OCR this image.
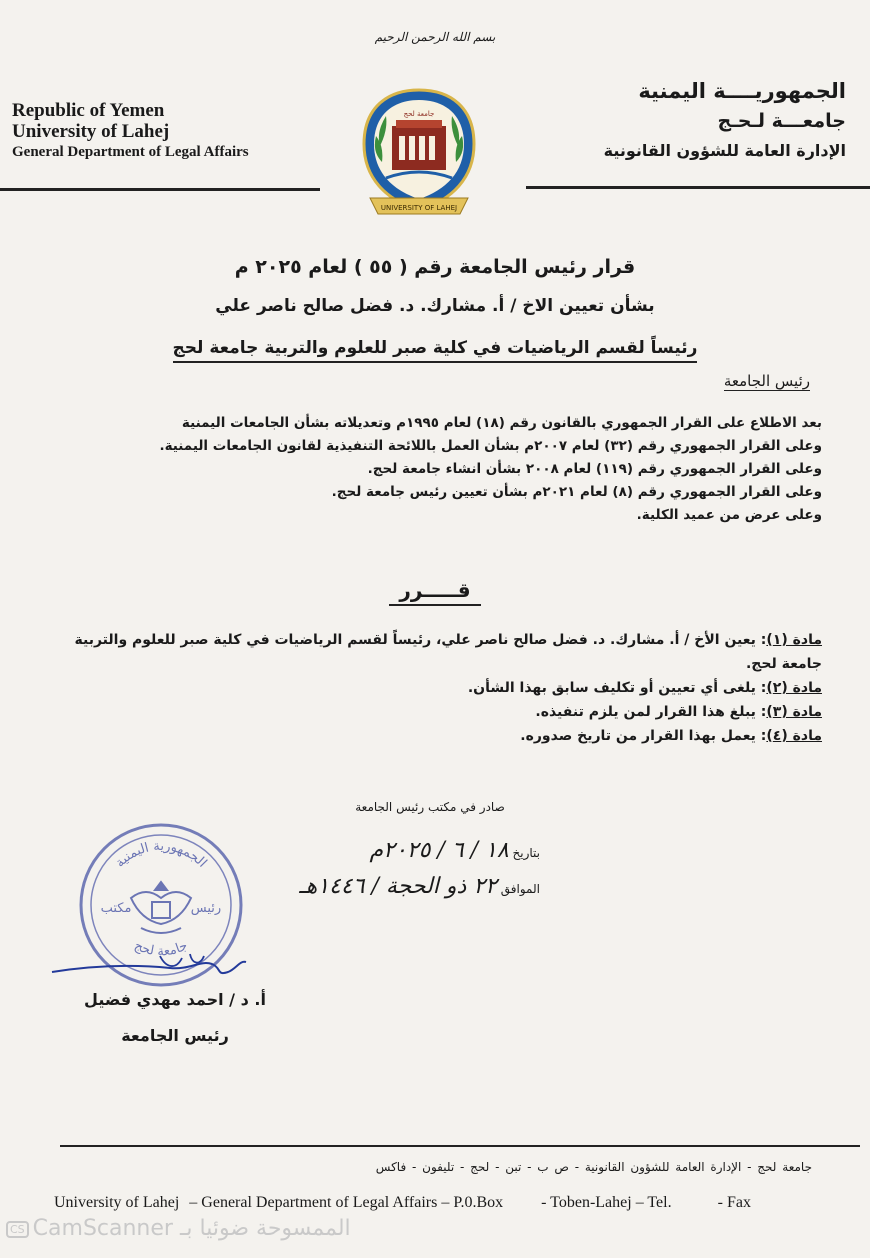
بسم الله الرحمن الرحيم
Republic of Yemen
University of Lahej
General Department of Legal Affairs
الجمهوريــــة اليمنية
جامعـــة لـحـج
الإدارة العامة للشؤون القانونية
UNIVERSITY OF LAHEJ
جامعة لحج
قرار رئيس الجامعة رقم ( ٥٥ ) لعام ٢٠٢٥ م
بشأن تعيين الاخ / أ. مشارك. د. فضل صالح ناصر علي
رئيساً لقسم الرياضيات في كلية صبر للعلوم والتربية جامعة لحج
رئيس الجامعة
بعد الاطلاع على القرار الجمهوري بالقانون رقم (١٨) لعام ١٩٩٥م وتعديلاته بشأن الجامعات اليمنية
وعلى القرار الجمهوري رقم (٣٢) لعام ٢٠٠٧م بشأن العمل باللائحة التنفيذية لقانون الجامعات اليمنية.
وعلى القرار الجمهوري رقم (١١٩) لعام ٢٠٠٨ بشأن انشاء جامعة لحج.
وعلى القرار الجمهوري رقم (٨) لعام ٢٠٢١م بشأن تعيين رئيس جامعة لحج.
وعلى عرض من عميد الكلية.
قـــــرر
مادة (١): يعين الأخ / أ. مشارك. د. فضل صالح ناصر علي، رئيساً لقسم الرياضيات في كلية صبر للعلوم والتربية جامعة لحج.
مادة (٢): يلغى أي تعيين أو تكليف سابق بهذا الشأن.
مادة (٣): يبلغ هذا القرار لمن يلزم تنفيذه.
مادة (٤): يعمل بهذا القرار من تاريخ صدوره.
صادر في مكتب رئيس الجامعة
بتاريخ ١٨ / ٦ / ٢٠٢٥م
الموافق ٢٢ ذو الحجة / ١٤٤٦هـ
الجمهورية اليمنية
جامعة لحج
مكتب	رئيس
أ. د / احمد مهدي فضيل
رئيس الجامعة
جامعة لحج - الإدارة العامة للشؤون القانونية - ص ب - تبن - لحج - تليفون - فاكس
University of Lahej – General Department of Legal Affairs – P.0.Box - Toben-Lahej – Tel.	- Fax
CS CamScanner الممسوحة ضوئيا بـ
